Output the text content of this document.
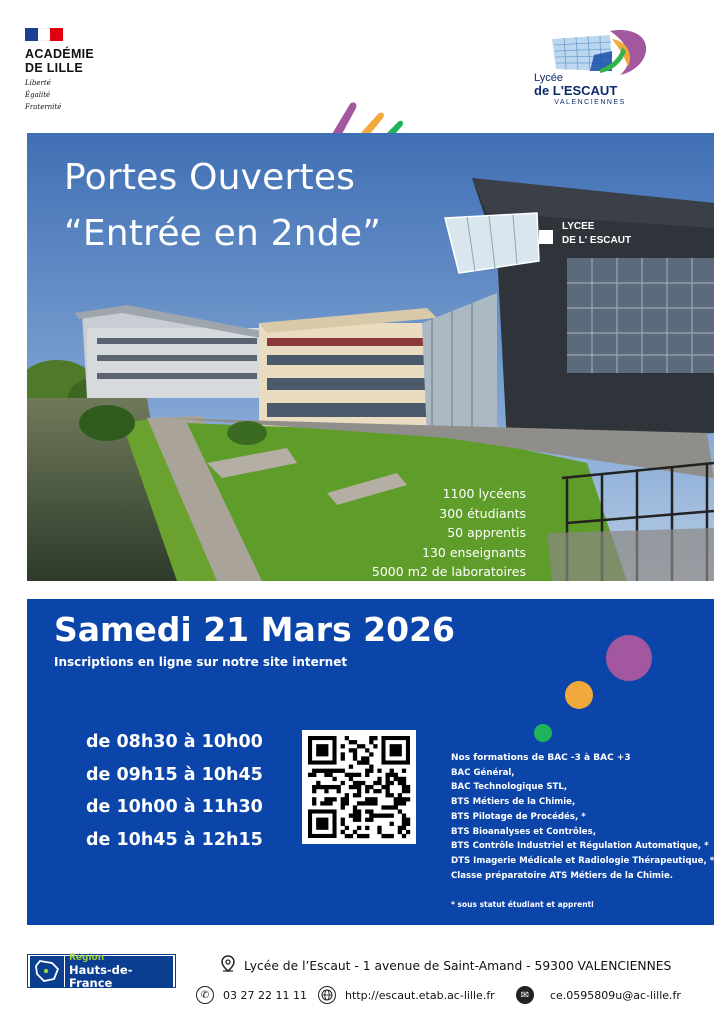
ACADÉMIE
DE LILLE
Liberté
Égalité
Fraternité
Lycée
de L'ESCAUT
VALENCIENNES
LYCEE
DE L' ESCAUT
Portes Ouvertes
“Entrée en 2nde”
1100 lycéens
300 étudiants
50 apprentis
130 enseignants
5000 m2 de laboratoires
Samedi 21 Mars 2026
Inscriptions en ligne sur notre site internet
de 08h30 à 10h00
de 09h15 à 10h45
de 10h00 à 11h30
de 10h45 à 12h15
Nos formations de BAC -3 à BAC +3
BAC Général,
BAC Technologique STL,
BTS Métiers de la Chimie,
BTS Pilotage de Procédés, *
BTS Bioanalyses et Contrôles,
BTS Contrôle Industriel et Régulation Automatique, *
DTS Imagerie Médicale et Radiologie Thérapeutique, *
Classe préparatoire ATS Métiers de la Chimie.
* sous statut étudiant et apprenti
Région
Hauts-de-France
Lycée de l’Escaut - 1 avenue de Saint-Amand - 59300 VALENCIENNES
✆	03 27 22 11 11	http://escaut.etab.ac-lille.fr	✉	ce.0595809u@ac-lille.fr
